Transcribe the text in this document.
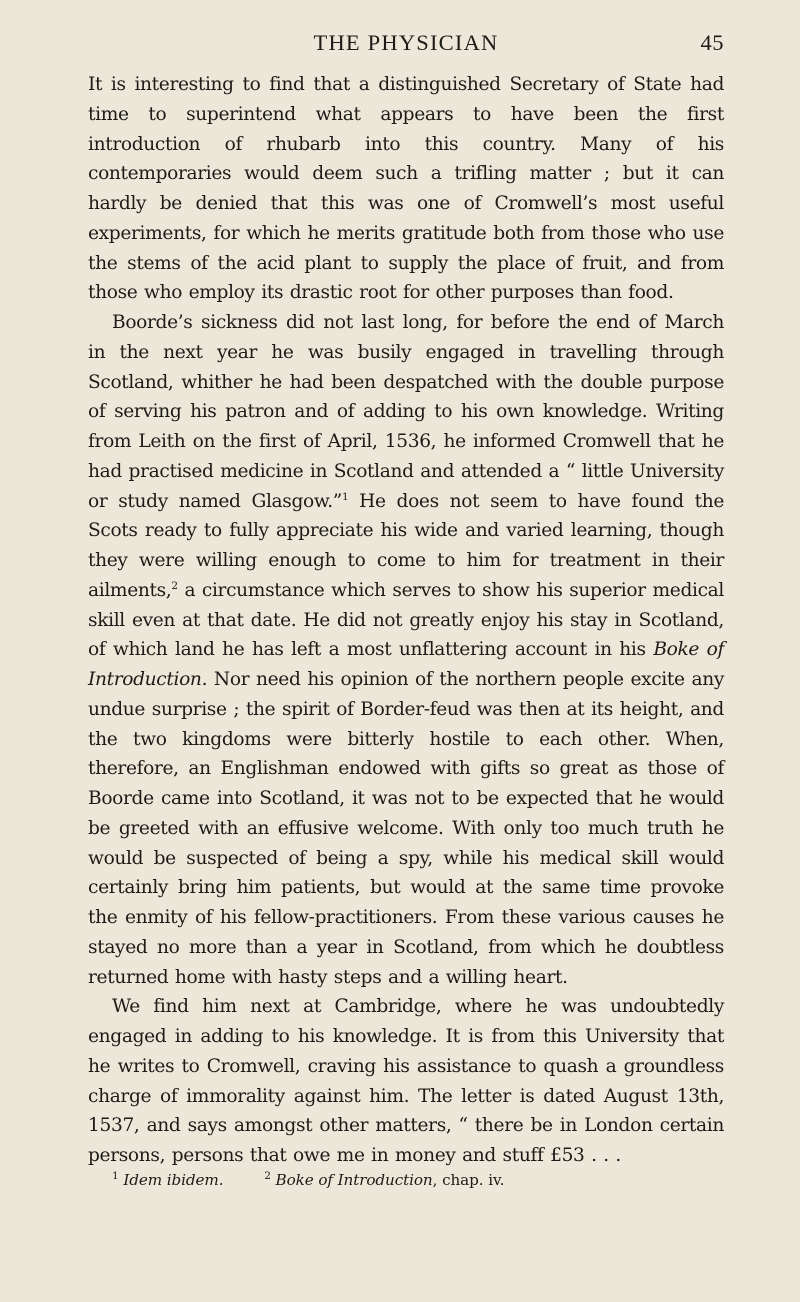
THE PHYSICIAN	45

It is interesting to find that a distinguished Secretary of State had time to superintend what appears to have been the first introduction of rhubarb into this country. Many of his contemporaries would deem such a trifling matter ; but it can hardly be denied that this was one of Cromwell’s most useful experiments, for which he merits gratitude both from those who use the stems of the acid plant to supply the place of fruit, and from those who employ its drastic root for other purposes than food.

Boorde’s sickness did not last long, for before the end of March in the next year he was busily engaged in travelling through Scotland, whither he had been despatched with the double purpose of serving his patron and of adding to his own knowledge. Writing from Leith on the first of April, 1536, he informed Cromwell that he had practised medicine in Scotland and attended a “ little University or study named Glasgow.”$^1$ He does not seem to have found the Scots ready to fully appreciate his wide and varied learning, though they were willing enough to come to him for treatment in their ailments,$^2$ a circumstance which serves to show his superior medical skill even at that date. He did not greatly enjoy his stay in Scotland, of which land he has left a most unflattering account in his Boke of Introduction. Nor need his opinion of the northern people excite any undue surprise ; the spirit of Border-feud was then at its height, and the two kingdoms were bitterly hostile to each other. When, therefore, an Englishman endowed with gifts so great as those of Boorde came into Scotland, it was not to be expected that he would be greeted with an effusive welcome. With only too much truth he would be suspected of being a spy, while his medical skill would certainly bring him patients, but would at the same time provoke the enmity of his fellow-practitioners. From these various causes he stayed no more than a year in Scotland, from which he doubtless returned home with hasty steps and a willing heart.

We find him next at Cambridge, where he was undoubtedly engaged in adding to his knowledge. It is from this University that he writes to Cromwell, craving his assistance to quash a groundless charge of immorality against him. The letter is dated August 13th, 1537, and says amongst other matters, “ there be in London certain persons, persons that owe me in money and stuff £53 . . .

$^1$ Idem ibidem.	$^2$ Boke of Introduction, chap. iv.
